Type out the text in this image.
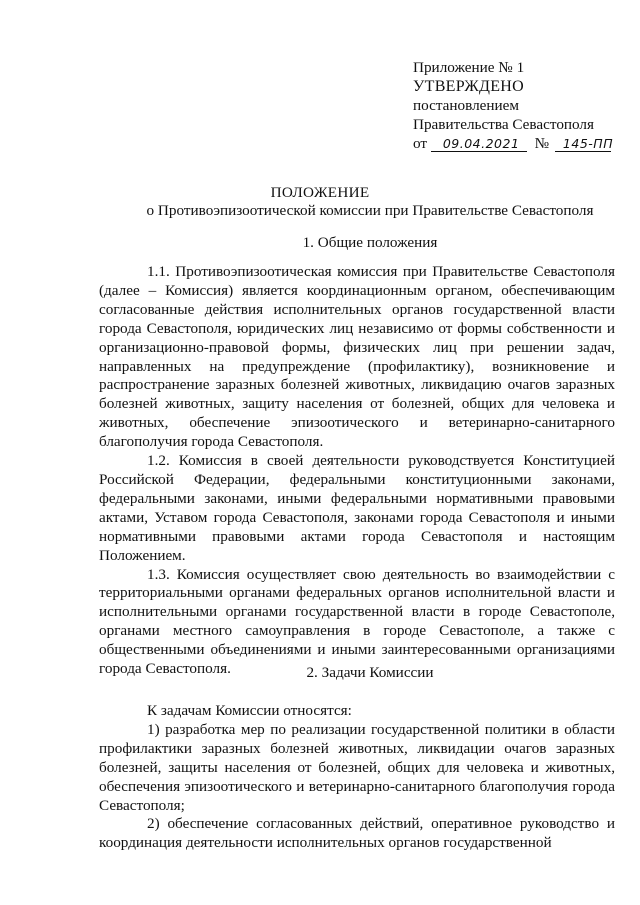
Приложение № 1
УТВЕРЖДЕНО
постановлением
Правительства Севастополя
от 09.04.2021 № 145-ПП
ПОЛОЖЕНИЕ
о Противоэпизоотической комиссии при Правительстве Севастополя
1. Общие положения

1.1. Противоэпизоотическая комиссия при Правительстве Севастополя (далее – Комиссия) является координационным органом, обеспечивающим согласованные действия исполнительных органов государственной власти города Севастополя, юридических лиц независимо от формы собственности и организационно-правовой формы, физических лиц при решении задач, направленных на предупреждение (профилактику), возникновение и распространение заразных болезней животных, ликвидацию очагов заразных болезней животных, защиту населения от болезней, общих для человека и животных, обеспечение эпизоотического и ветеринарно-санитарного благополучия города Севастополя.

1.2. Комиссия в своей деятельности руководствуется Конституцией Российской Федерации, федеральными конституционными законами, федеральными законами, иными федеральными нормативными правовыми актами, Уставом города Севастополя, законами города Севастополя и иными нормативными правовыми актами города Севастополя и настоящим Положением.

1.3. Комиссия осуществляет свою деятельность во взаимодействии с территориальными органами федеральных органов исполнительной власти и исполнительными органами государственной власти в городе Севастополе, органами местного самоуправления в городе Севастополе, а также с общественными объединениями и иными заинтересованными организациями города Севастополя.	2. Задачи Комиссии

К задачам Комиссии относятся:

1) разработка мер по реализации государственной политики в области профилактики заразных болезней животных, ликвидации очагов заразных болезней, защиты населения от болезней, общих для человека и животных, обеспечения эпизоотического и ветеринарно-санитарного благополучия города Севастополя;

2) обеспечение согласованных действий, оперативное руководство и координация деятельности исполнительных органов государственной
